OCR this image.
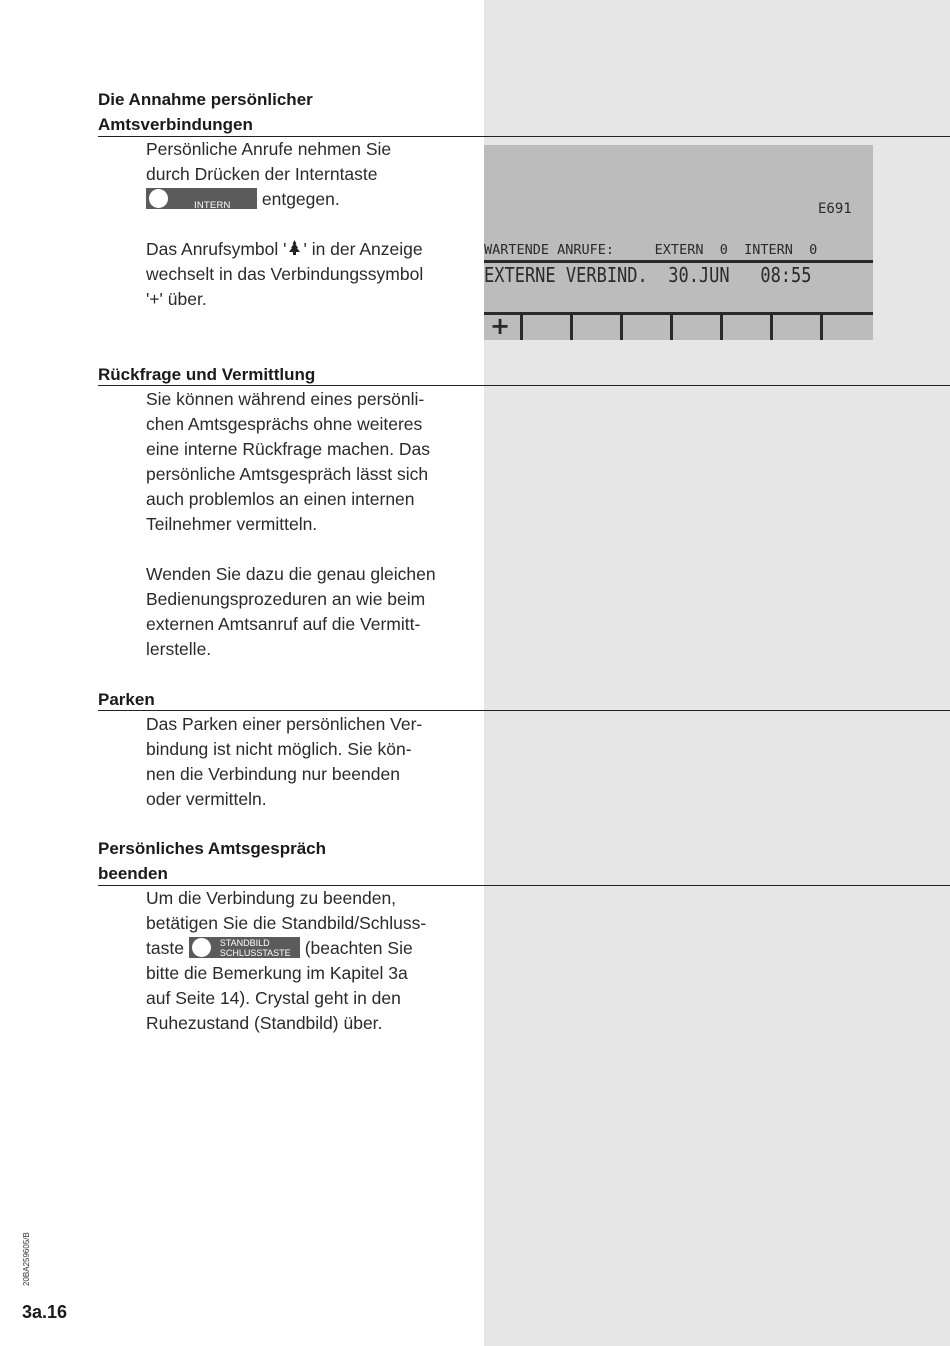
Die Annahme persönlicher
Amtsverbindungen
Persönliche Anrufe nehmen Sie
durch Drücken der Interntaste
INTERN entgegen.
Das Anrufsymbol ' ' in der Anzeige
wechselt in das Verbindungssymbol
'+' über.
E691
WARTENDE ANRUFE:     EXTERN  0  INTERN  0
EXTERNE VERBIND.  30.JUN   08:55
+
Rückfrage und Vermittlung
Sie können während eines persönli-
chen Amtsgesprächs ohne weiteres
eine interne Rückfrage machen. Das
persönliche Amtsgespräch lässt sich
auch problemlos an einen internen
Teilnehmer vermitteln.
Wenden Sie dazu die genau gleichen
Bedienungsprozeduren an wie beim
externen Amtsanruf auf die Vermitt-
lerstelle.
Parken
Das Parken einer persönlichen Ver-
bindung ist nicht möglich. Sie kön-
nen die Verbindung nur beenden
oder vermitteln.
Persönliches Amtsgespräch
beenden
Um die Verbindung zu beenden,
betätigen Sie die Standbild/Schluss-
taste	STANDBILD
SCHLUSSTASTE (beachten Sie
bitte die Bemerkung im Kapitel 3a
auf Seite 14). Crystal geht in den
Ruhezustand (Standbild) über.
20BA259605/B
3a.16
